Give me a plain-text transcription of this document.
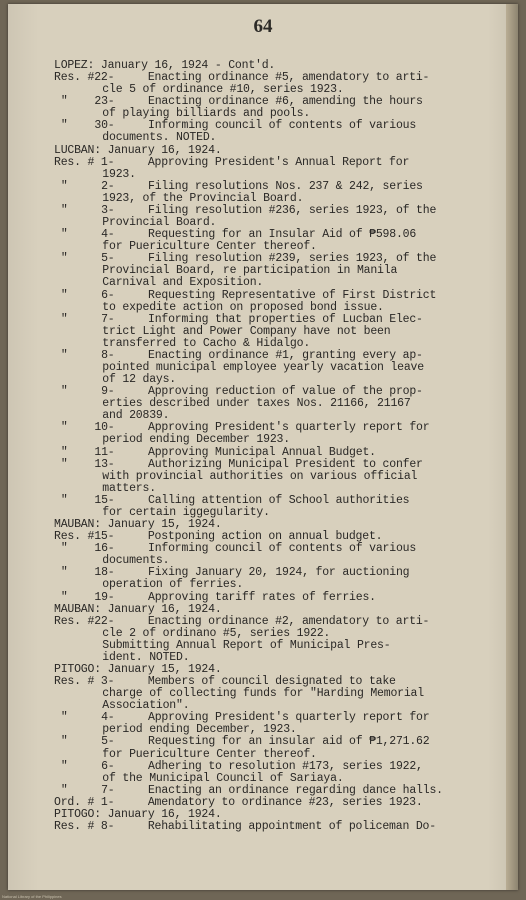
64
LOPEZ: January 16, 1924 - Cont'd.
Res. #22-     Enacting ordinance #5, amendatory to arti-
cle 5 of ordinance #10, series 1923.
"    23-     Enacting ordinance #6, amending the hours
of playing billiards and pools.
"    30-     Informing council of contents of various
documents. NOTED.
LUCBAN: January 16, 1924.
Res. # 1-     Approving President's Annual Report for
1923.
"     2-     Filing resolutions Nos. 237 & 242, series
1923, of the Provincial Board.
"     3-     Filing resolution #236, series 1923, of the
Provincial Board.
"     4-     Requesting for an Insular Aid of ₱598.06
for Puericulture Center thereof.
"     5-     Filing resolution #239, series 1923, of the
Provincial Board, re participation in Manila
Carnival and Exposition.
"     6-     Requesting Representative of First District
to expedite action on proposed bond issue.
"     7-     Informing that properties of Lucban Elec-
trict Light and Power Company have not been
transferred to Cacho & Hidalgo.
"     8-     Enacting ordinance #1, granting every ap-
pointed municipal employee yearly vacation leave
of 12 days.
"     9-     Approving reduction of value of the prop-
erties described under taxes Nos. 21166, 21167
and 20839.
"    10-     Approving President's quarterly report for
period ending December 1923.
"    11-     Approving Municipal Annual Budget.
"    13-     Authorizing Municipal President to confer
with provincial authorities on various official
matters.
"    15-     Calling attention of School authorities
for certain iggegularity.
MAUBAN: January 15, 1924.
Res. #15-     Postponing action on annual budget.
"    16-     Informing council of contents of various
documents.
"    18-     Fixing January 20, 1924, for auctioning
operation of ferries.
"    19-     Approving tariff rates of ferries.
MAUBAN: January 16, 1924.
Res. #22-     Enacting ordinance #2, amendatory to arti-
cle 2 of ordinano #5, series 1922.
Submitting Annual Report of Municipal Pres-
ident. NOTED.
PITOGO: January 15, 1924.
Res. # 3-     Members of council designated to take
charge of collecting funds for "Harding Memorial
Association".
"     4-     Approving President's quarterly report for
period ending December, 1923.
"     5-     Requesting for an insular aid of ₱1,271.62
for Puericulture Center thereof.
"     6-     Adhering to resolution #173, series 1922,
of the Municipal Council of Sariaya.
"     7-     Enacting an ordinance regarding dance halls.
Ord. # 1-     Amendatory to ordinance #23, series 1923.
PITOGO: January 16, 1924.
Res. # 8-     Rehabilitating appointment of policeman Do-
National Library of the Philippines
